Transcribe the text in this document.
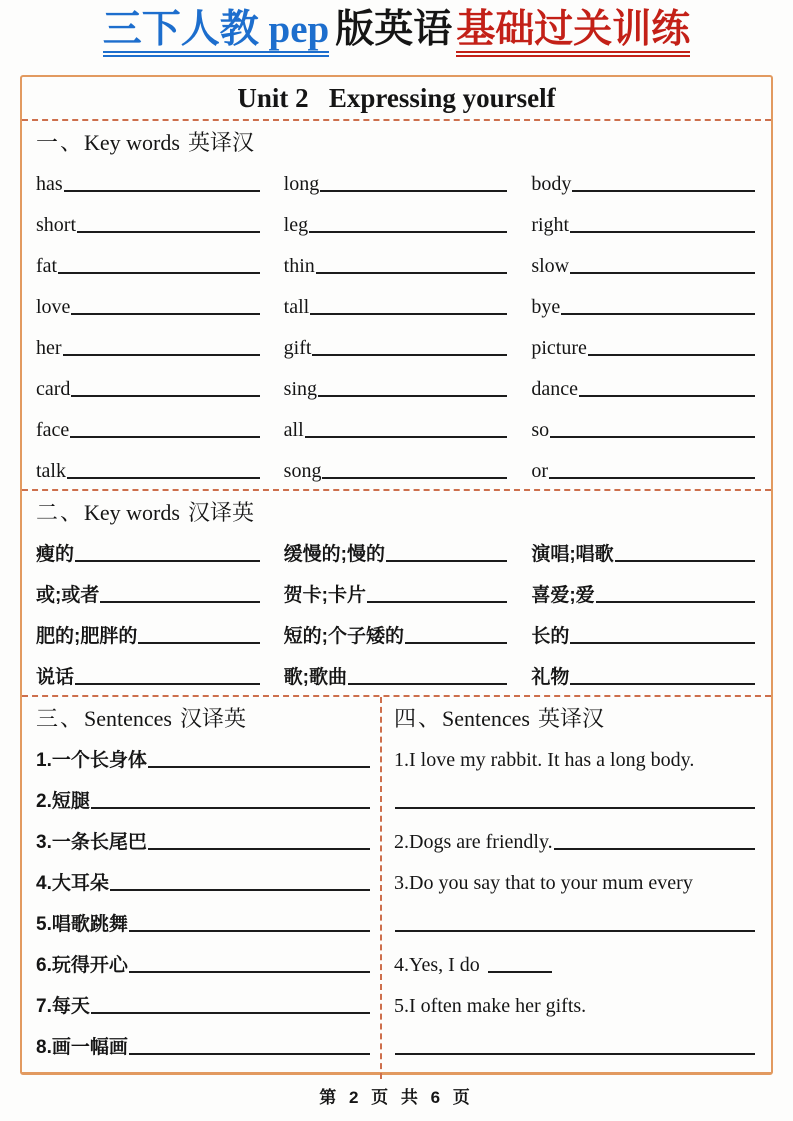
三下人教 pep 版英语 基础过关训练
Unit 2   Expressing yourself
一、Key words 英译汉
has	long	body
short	leg	right
fat	thin	slow
love	tall	bye
her	gift	picture
card	sing	dance
face	all	so
talk	song	or
二、Key words 汉译英
瘦的	缓慢的;慢的	演唱;唱歌
或;或者	贺卡;卡片	喜爱;爱
肥的;肥胖的	短的;个子矮的	长的
说话	歌;歌曲	礼物
三、Sentences 汉译英
1.一个长身体
2.短腿
3.一条长尾巴
4.大耳朵
5.唱歌跳舞
6.玩得开心
7.每天
8.画一幅画
四、Sentences 英译汉
1.I love my rabbit. It has a long body.
2.Dogs are friendly.
3.Do you say that to your mum every
4.Yes, I do
5.I often make her gifts.
第 2 页 共 6 页
